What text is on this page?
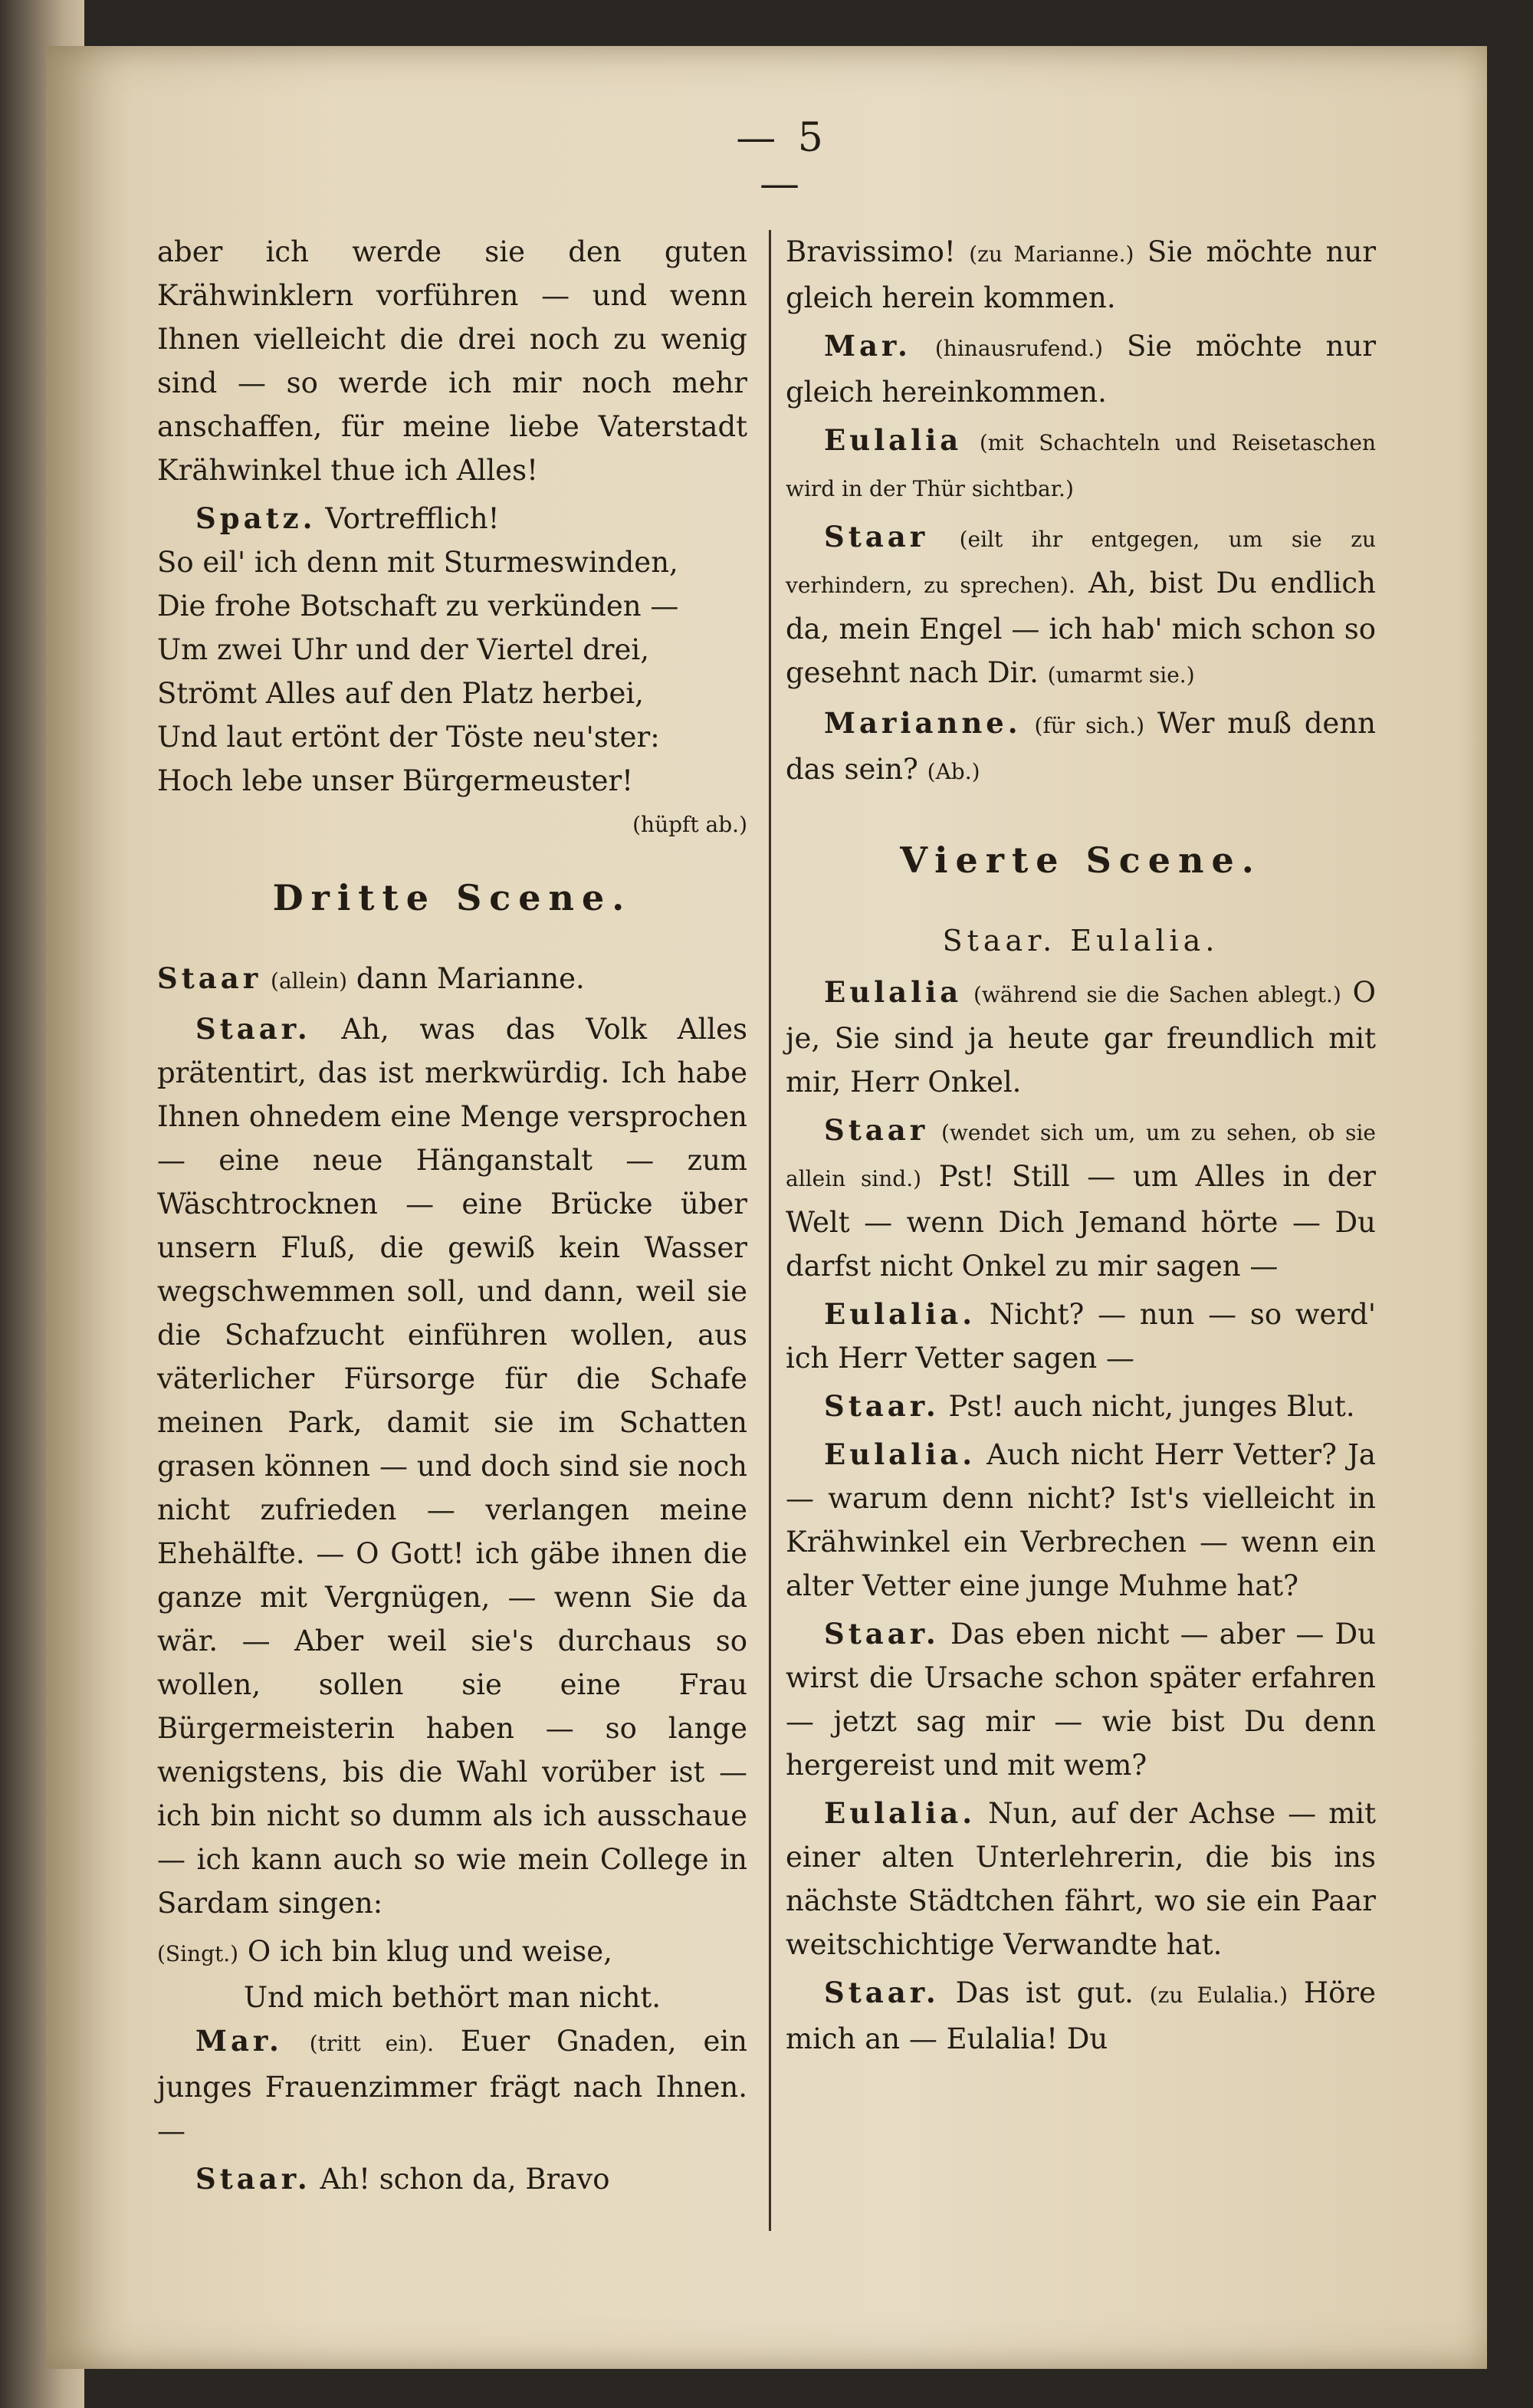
— 5 —

aber ich werde sie den guten Krähwinklern vorführen — und wenn Ihnen vielleicht die drei noch zu wenig sind — so werde ich mir noch mehr anschaffen, für meine liebe Vaterstadt Krähwinkel thue ich Alles!

Spatz. Vortrefflich!

So eil' ich denn mit Sturmeswinden,

Die frohe Botschaft zu verkünden —

Um zwei Uhr und der Viertel drei,

Strömt Alles auf den Platz herbei,

Und laut ertönt der Töste neu'ster:

Hoch lebe unser Bürgermeuster!

(hüpft ab.)

Dritte Scene.

Staar (allein) dann Marianne.

Staar. Ah, was das Volk Alles prätentirt, das ist merkwürdig. Ich habe Ihnen ohnedem eine Menge versprochen — eine neue Hänganstalt — zum Wäschtrocknen — eine Brücke über unsern Fluß, die gewiß kein Wasser wegschwemmen soll, und dann, weil sie die Schafzucht einführen wollen, aus väterlicher Fürsorge für die Schafe meinen Park, damit sie im Schatten grasen können — und doch sind sie noch nicht zufrieden — verlangen meine Ehehälfte. — O Gott! ich gäbe ihnen die ganze mit Vergnügen, — wenn Sie da wär. — Aber weil sie's durchaus so wollen, sollen sie eine Frau Bürgermeisterin haben — so lange wenigstens, bis die Wahl vorüber ist — ich bin nicht so dumm als ich ausschaue — ich kann auch so wie mein College in Sardam singen:

(Singt.) O ich bin klug und weise,

Und mich bethört man nicht.

Mar. (tritt ein). Euer Gnaden, ein junges Frauenzimmer frägt nach Ihnen. —

Staar. Ah! schon da, Bravo

Bravissimo! (zu Marianne.) Sie möchte nur gleich herein kommen.

Mar. (hinausrufend.) Sie möchte nur gleich hereinkommen.

Eulalia (mit Schachteln und Reisetaschen wird in der Thür sichtbar.)

Staar (eilt ihr entgegen, um sie zu verhindern, zu sprechen). Ah, bist Du endlich da, mein Engel — ich hab' mich schon so gesehnt nach Dir. (umarmt sie.)

Marianne. (für sich.) Wer muß denn das sein? (Ab.)

Vierte Scene.

Staar. Eulalia.

Eulalia (während sie die Sachen ablegt.) O je, Sie sind ja heute gar freundlich mit mir, Herr Onkel.

Staar (wendet sich um, um zu sehen, ob sie allein sind.) Pst! Still — um Alles in der Welt — wenn Dich Jemand hörte — Du darfst nicht Onkel zu mir sagen —

Eulalia. Nicht? — nun — so werd' ich Herr Vetter sagen —

Staar. Pst! auch nicht, junges Blut.

Eulalia. Auch nicht Herr Vetter? Ja — warum denn nicht? Ist's vielleicht in Krähwinkel ein Verbrechen — wenn ein alter Vetter eine junge Muhme hat?

Staar. Das eben nicht — aber — Du wirst die Ursache schon später erfahren — jetzt sag mir — wie bist Du denn hergereist und mit wem?

Eulalia. Nun, auf der Achse — mit einer alten Unterlehrerin, die bis ins nächste Städtchen fährt, wo sie ein Paar weitschichtige Verwandte hat.

Staar. Das ist gut. (zu Eulalia.) Höre mich an — Eulalia! Du
